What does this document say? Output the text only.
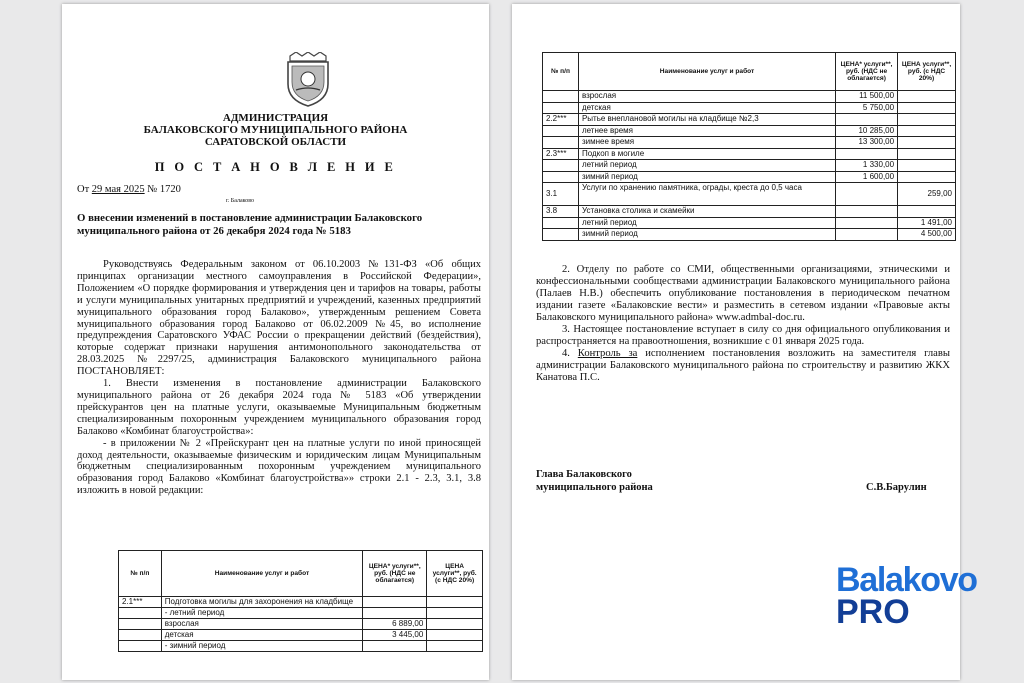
АДМИНИСТРАЦИЯ
БАЛАКОВСКОГО МУНИЦИПАЛЬНОГО РАЙОНА
САРАТОВСКОЙ ОБЛАСТИ
П О С Т А Н О В Л Е Н И Е
От 29 мая 2025 № 1720
г. Балаково
О внесении изменений в постановление администрации Балаковского муниципального района от 26 декабря 2024 года № 5183

Руководствуясь Федеральным законом от 06.10.2003 №131-ФЗ «Об общих принципах организации местного самоуправления в Российской Федерации», Положением «О порядке формирования и утверждения цен и тарифов на товары, работы и услуги муниципальных унитарных предприятий и учреждений, казенных предприятий муниципального образования город Балаково», утвержденным решением Совета муниципального образования город Балаково от 06.02.2009 №45, во исполнение предупреждения Саратовского УФАС России о прекращении действий (бездействия), которые содержат признаки нарушения антимонопольного законодательства от 28.03.2025 №2297/25, администрация Балаковского муниципального района ПОСТАНОВЛЯЕТ:

1. Внести изменения в постановление администрации Балаковского муниципального района от 26 декабря 2024 года № 5183 «Об утверждении прейскурантов цен на платные услуги, оказываемые Муниципальным бюджетным специализированным похоронным учреждением муниципального образования город Балаково «Комбинат благоустройства»:

- в приложении № 2 «Прейскурант цен на платные услуги по иной приносящей доход деятельности, оказываемые физическим и юридическим лицам Муниципальным бюджетным специализированным похоронным учреждением муниципального образования город Балаково «Комбинат благоустройства»» строки 2.1 - 2.3, 3.1, 3.8 изложить в новой редакции:

№ п/п	Наименование услуг и работ	ЦЕНА* услуги**, руб. (НДС не облагается)	ЦЕНА услуги**, руб. (с НДС 20%)
2.1***	Подготовка могилы для захоронения на кладбище		
	- летний период		
	взрослая	6 889,00	
	детская	3 445,00	
	- зимний период		
№ п/п	Наименование услуг и работ	ЦЕНА* услуги**, руб. (НДС не облагается)	ЦЕНА услуги**, руб. (с НДС 20%)
	взрослая	11 500,00	
	детская	5 750,00	
2.2***	Рытье внеплановой могилы на кладбище №2,3		
	летнее время	10 285,00	
	зимнее время	13 300,00	
2.3***	Подкоп в могиле		
	летний период	1 330,00	
	зимний период	1 600,00	
3.1	Услуги по хранению памятника, ограды, креста до 0,5 часа		259,00
3.8	Установка столика и скамейки		
	летний период		1 491,00
	зимний период		4 500,00

2. Отделу по работе со СМИ, общественными организациями, этническими и конфессиональными сообществами администрации Балаковского муниципального района (Палаев Н.В.) обеспечить опубликование постановления в периодическом печатном издании газете «Балаковские вести» и разместить в сетевом издании «Правовые акты Балаковского муниципального района» www.admbal-doc.ru.

3. Настоящее постановление вступает в силу со дня официального опубликования и распространяется на правоотношения, возникшие с 01 января 2025 года.

4. Контроль за исполнением постановления возложить на заместителя главы администрации Балаковского муниципального района по строительству и развитию ЖКХ Канатова П.С.

Глава Балаковского
муниципального района	С.В.Барулин
Balakovo
PRO
